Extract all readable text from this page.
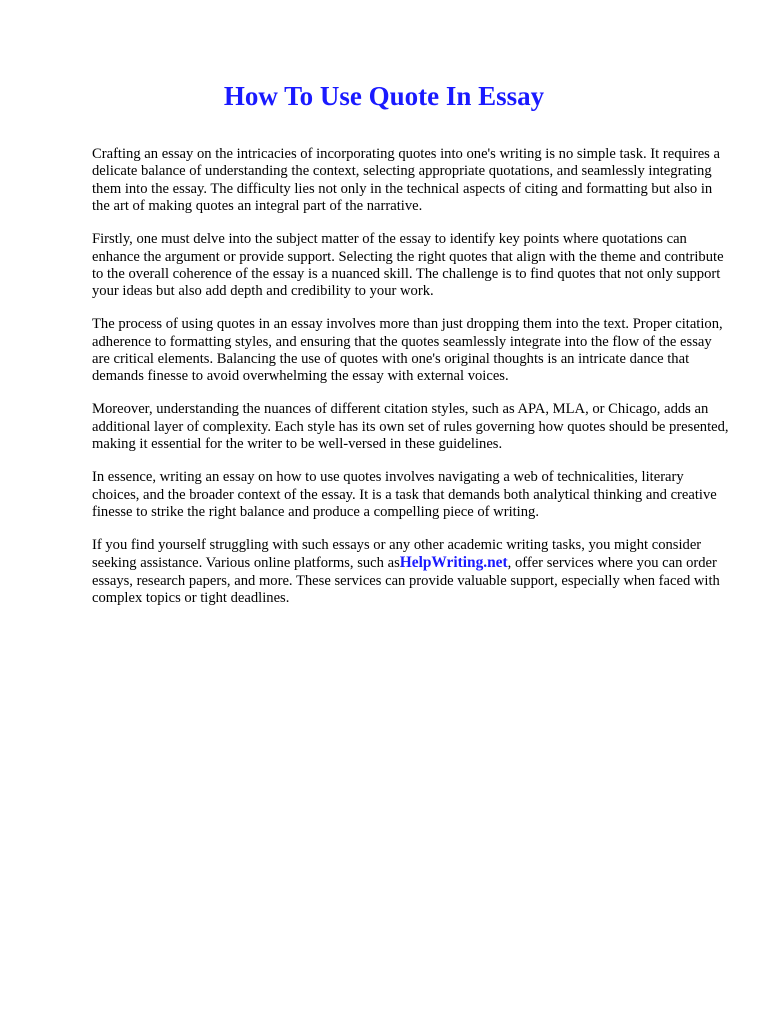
How To Use Quote In Essay

Crafting an essay on the intricacies of incorporating quotes into one's writing is no simple task. It requires a delicate balance of understanding the context, selecting appropriate quotations, and seamlessly integrating them into the essay. The difficulty lies not only in the technical aspects of citing and formatting but also in the art of making quotes an integral part of the narrative.

Firstly, one must delve into the subject matter of the essay to identify key points where quotations can enhance the argument or provide support. Selecting the right quotes that align with the theme and contribute to the overall coherence of the essay is a nuanced skill. The challenge is to find quotes that not only support your ideas but also add depth and credibility to your work.

The process of using quotes in an essay involves more than just dropping them into the text. Proper citation, adherence to formatting styles, and ensuring that the quotes seamlessly integrate into the flow of the essay are critical elements. Balancing the use of quotes with one's original thoughts is an intricate dance that demands finesse to avoid overwhelming the essay with external voices.

Moreover, understanding the nuances of different citation styles, such as APA, MLA, or Chicago, adds an additional layer of complexity. Each style has its own set of rules governing how quotes should be presented, making it essential for the writer to be well-versed in these guidelines.

In essence, writing an essay on how to use quotes involves navigating a web of technicalities, literary choices, and the broader context of the essay. It is a task that demands both analytical thinking and creative finesse to strike the right balance and produce a compelling piece of writing.

If you find yourself struggling with such essays or any other academic writing tasks, you might consider seeking assistance. Various online platforms, such asHelpWriting.net, offer services where you can order essays, research papers, and more. These services can provide valuable support, especially when faced with complex topics or tight deadlines.
